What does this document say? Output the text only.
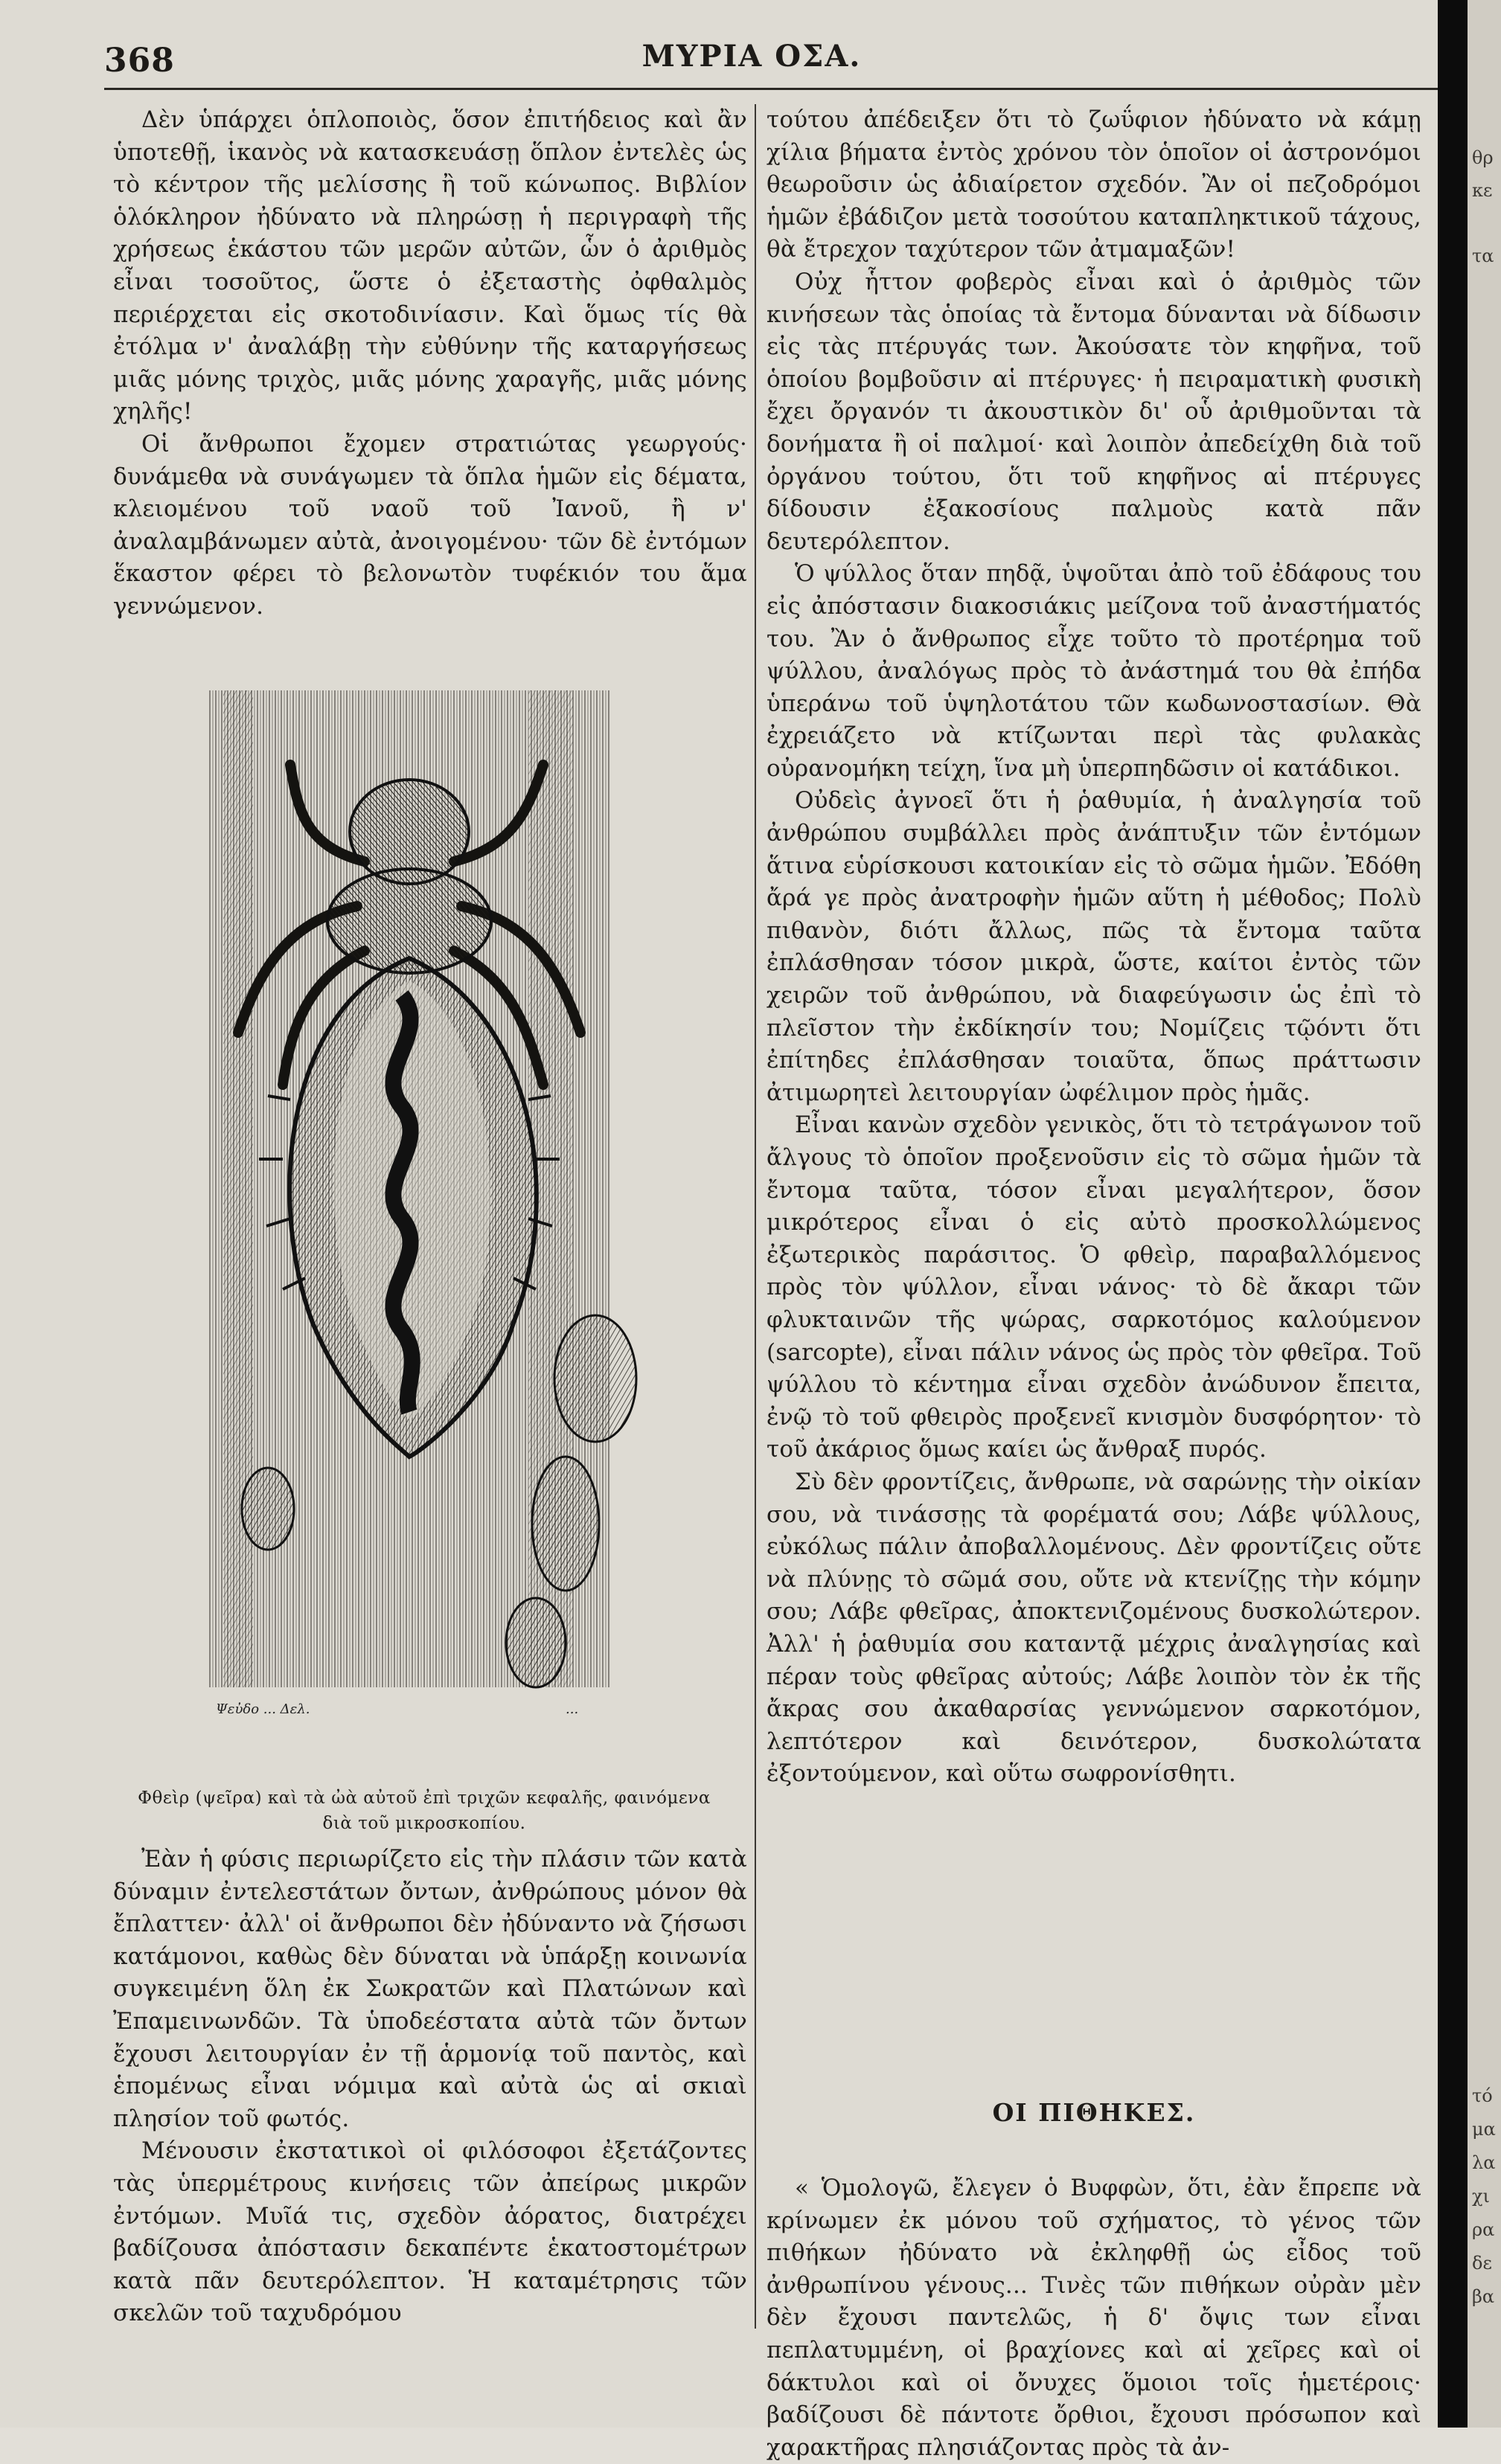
368	ΜΥΡΙΑ ΟΣΑ.

Δὲν ὑπάρχει ὁπλοποιὸς, ὅσον ἐπιτήδειος καὶ ἂν ὑποτεθῇ, ἱκανὸς νὰ κατασκευάσῃ ὅπλον ἐντελὲς ὡς τὸ κέντρον τῆς μελίσσης ἢ τοῦ κώνωπος. Βιβλίον ὁλόκληρον ἠδύνατο νὰ πληρώσῃ ἡ περιγραφὴ τῆς χρήσεως ἑκάστου τῶν μερῶν αὐτῶν, ὧν ὁ ἀριθμὸς εἶναι τοσοῦτος, ὥστε ὁ ἐξεταστὴς ὀφθαλμὸς περιέρχεται εἰς σκοτοδινίασιν. Καὶ ὅμως τίς θὰ ἐτόλμα ν' ἀναλάβῃ τὴν εὐθύνην τῆς καταργήσεως μιᾶς μόνης τριχὸς, μιᾶς μόνης χαραγῆς, μιᾶς μόνης χηλῆς!

Οἱ ἄνθρωποι ἔχομεν στρατιώτας γεωργούς· δυνάμεθα νὰ συνάγωμεν τὰ ὅπλα ἡμῶν εἰς δέματα, κλειομένου τοῦ ναοῦ τοῦ Ἰανοῦ, ἢ ν' ἀναλαμβάνωμεν αὐτὰ, ἀνοιγομένου· τῶν δὲ ἐντόμων ἕκαστον φέρει τὸ βελονωτὸν τυφέκιόν του ἅμα γεννώμενον.

Ψεὐδο ... Δελ.	...
Φθεὶρ (ψεῖρα) καὶ τὰ ὠὰ αὐτοῦ ἐπὶ τριχῶν κεφαλῆς, φαινόμενα διὰ τοῦ μικροσκοπίου.

Ἐὰν ἡ φύσις περιωρίζετο εἰς τὴν πλάσιν τῶν κατὰ δύναμιν ἐντελεστάτων ὄντων, ἀνθρώπους μόνον θὰ ἔπλαττεν· ἀλλ' οἱ ἄνθρωποι δὲν ἠδύναντο νὰ ζήσωσι κατάμονοι, καθὼς δὲν δύναται νὰ ὑπάρξῃ κοινωνία συγκειμένη ὅλη ἐκ Σωκρατῶν καὶ Πλατώνων καὶ Ἐπαμεινωνδῶν. Τὰ ὑποδεέστατα αὐτὰ τῶν ὄντων ἔχουσι λειτουργίαν ἐν τῇ ἁρμονίᾳ τοῦ παντὸς, καὶ ἑπομένως εἶναι νόμιμα καὶ αὐτὰ ὡς αἱ σκιαὶ πλησίον τοῦ φωτός.

Μένουσιν ἐκστατικοὶ οἱ φιλόσοφοι ἐξετάζοντες τὰς ὑπερμέτρους κινήσεις τῶν ἀπείρως μικρῶν ἐντόμων. Μυῖά τις, σχεδὸν ἀόρατος, διατρέχει βαδίζουσα ἀπόστασιν δεκαπέντε ἑκατοστομέτρων κατὰ πᾶν δευτερόλεπτον. Ἡ καταμέτρησις τῶν σκελῶν τοῦ ταχυδρόμου

τούτου ἀπέδειξεν ὅτι τὸ ζωΰφιον ἠδύνατο νὰ κάμῃ χίλια βήματα ἐντὸς χρόνου τὸν ὁποῖον οἱ ἀστρονόμοι θεωροῦσιν ὡς ἀδιαίρετον σχεδόν. Ἂν οἱ πεζοδρόμοι ἡμῶν ἐβάδιζον μετὰ τοσούτου καταπληκτικοῦ τάχους, θὰ ἔτρεχον ταχύτερον τῶν ἀτμαμαξῶν!

Οὐχ ἧττον φοβερὸς εἶναι καὶ ὁ ἀριθμὸς τῶν κινήσεων τὰς ὁποίας τὰ ἔντομα δύνανται νὰ δίδωσιν εἰς τὰς πτέρυγάς των. Ἀκούσατε τὸν κηφῆνα, τοῦ ὁποίου βομβοῦσιν αἱ πτέρυγες· ἡ πειραματικὴ φυσικὴ ἔχει ὄργανόν τι ἀκουστικὸν δι' οὗ ἀριθμοῦνται τὰ δονήματα ἢ οἱ παλμοί· καὶ λοιπὸν ἀπεδείχθη διὰ τοῦ ὀργάνου τούτου, ὅτι τοῦ κηφῆνος αἱ πτέρυγες δίδουσιν ἐξακοσίους παλμοὺς κατὰ πᾶν δευτερόλεπτον.

Ὁ ψύλλος ὅταν πηδᾷ, ὑψοῦται ἀπὸ τοῦ ἐδάφους του εἰς ἀπόστασιν διακοσιάκις μείζονα τοῦ ἀναστήματός του. Ἂν ὁ ἄνθρωπος εἶχε τοῦτο τὸ προτέρημα τοῦ ψύλλου, ἀναλόγως πρὸς τὸ ἀνάστημά του θὰ ἐπήδα ὑπεράνω τοῦ ὑψηλοτάτου τῶν κωδωνοστασίων. Θὰ ἐχρειάζετο νὰ κτίζωνται περὶ τὰς φυλακὰς οὐρανομήκη τείχη, ἵνα μὴ ὑπερπηδῶσιν οἱ κατάδικοι.

Οὐδεὶς ἀγνοεῖ ὅτι ἡ ῥαθυμία, ἡ ἀναλγησία τοῦ ἀνθρώπου συμβάλλει πρὸς ἀνάπτυξιν τῶν ἐντόμων ἅτινα εὑρίσκουσι κατοικίαν εἰς τὸ σῶμα ἡμῶν. Ἐδόθη ἄρά γε πρὸς ἀνατροφὴν ἡμῶν αὕτη ἡ μέθοδος; Πολὺ πιθανὸν, διότι ἄλλως, πῶς τὰ ἔντομα ταῦτα ἐπλάσθησαν τόσον μικρὰ, ὥστε, καίτοι ἐντὸς τῶν χειρῶν τοῦ ἀνθρώπου, νὰ διαφεύγωσιν ὡς ἐπὶ τὸ πλεῖστον τὴν ἐκδίκησίν του; Νομίζεις τῷόντι ὅτι ἐπίτηδες ἐπλάσθησαν τοιαῦτα, ὅπως πράττωσιν ἀτιμωρητεὶ λειτουργίαν ὠφέλιμον πρὸς ἡμᾶς.

Εἶναι κανὼν σχεδὸν γενικὸς, ὅτι τὸ τετράγωνον τοῦ ἄλγους τὸ ὁποῖον προξενοῦσιν εἰς τὸ σῶμα ἡμῶν τὰ ἔντομα ταῦτα, τόσον εἶναι μεγαλήτερον, ὅσον μικρότερος εἶναι ὁ εἰς αὐτὸ προσκολλώμενος ἐξωτερικὸς παράσιτος. Ὁ φθεὶρ, παραβαλλόμενος πρὸς τὸν ψύλλον, εἶναι νάνος· τὸ δὲ ἄκαρι τῶν φλυκταινῶν τῆς ψώρας, σαρκοτόμος καλούμενον (sarcopte), εἶναι πάλιν νάνος ὡς πρὸς τὸν φθεῖρα. Τοῦ ψύλλου τὸ κέντημα εἶναι σχεδὸν ἀνώδυνον ἔπειτα, ἐνῷ τὸ τοῦ φθειρὸς προξενεῖ κνισμὸν δυσφόρητον· τὸ τοῦ ἀκάριος ὅμως καίει ὡς ἄνθραξ πυρός.

Σὺ δὲν φροντίζεις, ἄνθρωπε, νὰ σαρώνῃς τὴν οἰκίαν σου, νὰ τινάσσῃς τὰ φορέματά σου; Λάβε ψύλλους, εὐκόλως πάλιν ἀποβαλλομένους. Δὲν φροντίζεις οὔτε νὰ πλύνῃς τὸ σῶμά σου, οὔτε νὰ κτενίζῃς τὴν κόμην σου; Λάβε φθεῖρας, ἀποκτενιζομένους δυσκολώτερον. Ἀλλ' ἡ ῥαθυμία σου καταντᾷ μέχρις ἀναλγησίας καὶ πέραν τοὺς φθεῖρας αὐτούς; Λάβε λοιπὸν τὸν ἐκ τῆς ἄκρας σου ἀκαθαρσίας γεννώμενον σαρκοτόμον, λεπτότερον καὶ δεινότερον, δυσκολώτατα ἐξοντούμενον, καὶ οὕτω σωφρονίσθητι.

ΟΙ ΠΙΘΗΚΕΣ.

« Ὁμολογῶ, ἔλεγεν ὁ Βυφφὼν, ὅτι, ἐὰν ἔπρεπε νὰ κρίνωμεν ἐκ μόνου τοῦ σχήματος, τὸ γένος τῶν πιθήκων ἠδύνατο νὰ ἐκληφθῇ ὡς εἶδος τοῦ ἀνθρωπίνου γένους... Τινὲς τῶν πιθήκων οὐρὰν μὲν δὲν ἔχουσι παντελῶς, ἡ δ' ὄψις των εἶναι πεπλατυμμένη, οἱ βραχίονες καὶ αἱ χεῖρες καὶ οἱ δάκτυλοι καὶ οἱ ὄνυχες ὅμοιοι τοῖς ἡμετέροις· βαδίζουσι δὲ πάντοτε ὄρθιοι, ἔχουσι πρόσωπον καὶ χαρακτῆρας πλησιάζοντας πρὸς τὰ ἀν-

θρ
κε
τα
τό
μα
λα
χι
ρα
δε
βα
